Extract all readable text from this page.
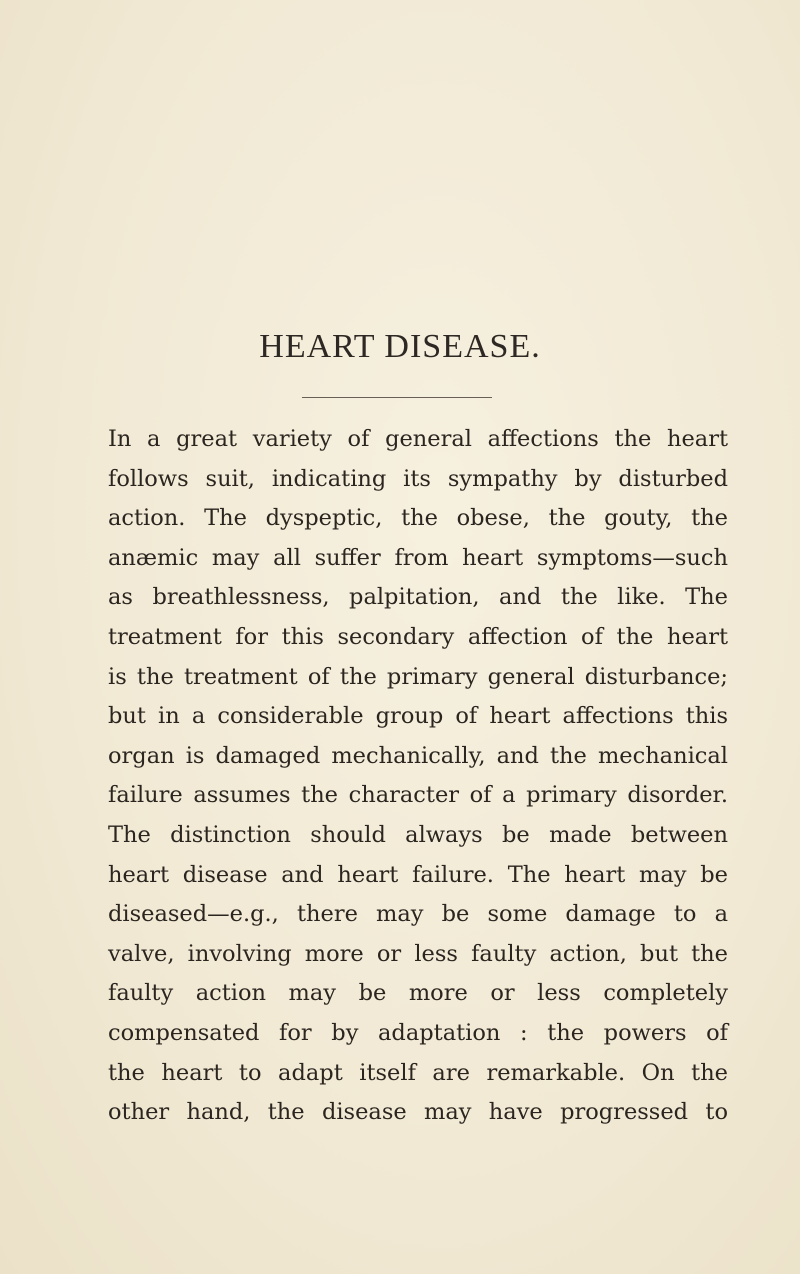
HEART DISEASE.
In a great variety of general affections the heart
follows suit, indicating its sympathy by disturbed
action. The dyspeptic, the obese, the gouty, the
anæmic may all suffer from heart symptoms—such
as breathlessness, palpitation, and the like. The
treatment for this secondary affection of the heart
is the treatment of the primary general disturbance;
but in a considerable group of heart affections this
organ is damaged mechanically, and the mechanical
failure assumes the character of a primary disorder.
The distinction should always be made between
heart disease and heart failure. The heart may be
diseased—e.g., there may be some damage to a
valve, involving more or less faulty action, but the
faulty action may be more or less completely
compensated for by adaptation : the powers of
the heart to adapt itself are remarkable. On the
other hand, the disease may have progressed to
